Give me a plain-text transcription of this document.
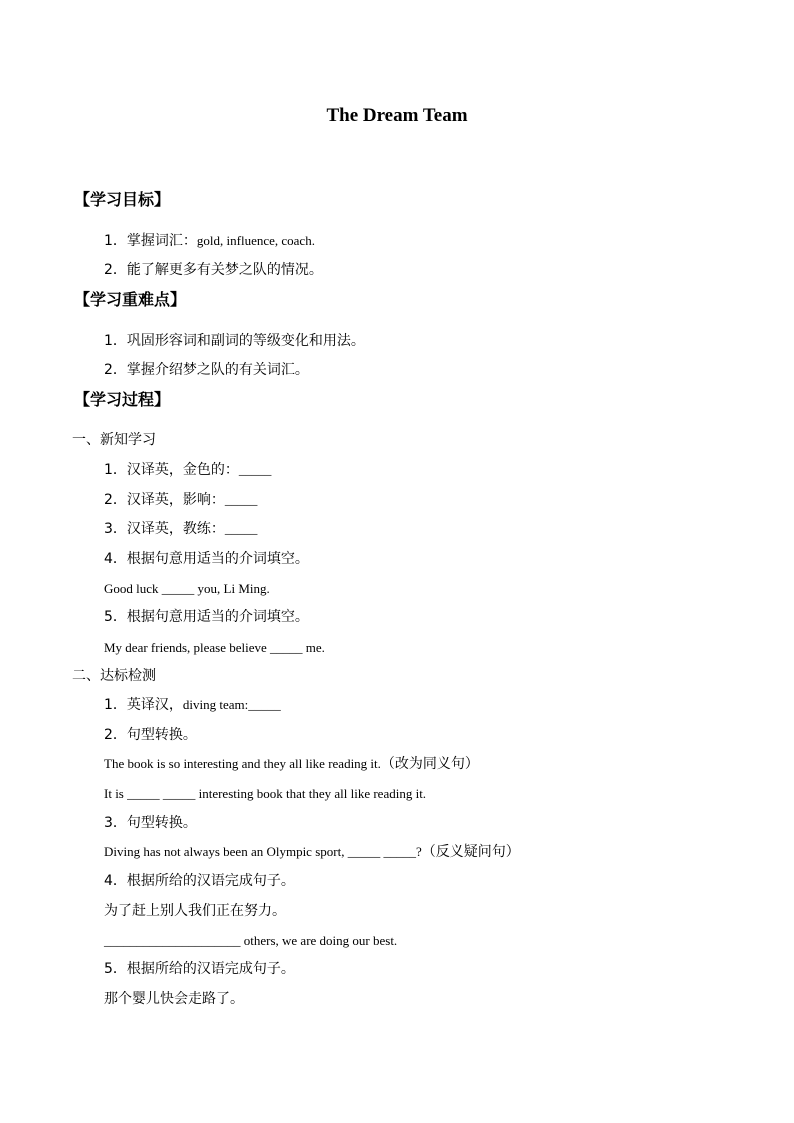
The Dream Team
【学习目标】
1．掌握词汇：gold, influence, coach.
2．能了解更多有关梦之队的情况。
【学习重难点】
1．巩固形容词和副词的等级变化和用法。
2．掌握介绍梦之队的有关词汇。
【学习过程】
一、新知学习
1．汉译英，金色的：_____
2．汉译英，影响：_____
3．汉译英，教练：_____
4．根据句意用适当的介词填空。
Good luck _____ you, Li Ming.
5．根据句意用适当的介词填空。
My dear friends, please believe _____ me.
二、达标检测
1．英译汉，diving team:_____
2．句型转换。
The book is so interesting and they all like reading it.（改为同义句）
It is _____ _____ interesting book that they all like reading it.
3．句型转换。
Diving has not always been an Olympic sport, _____ _____?（反义疑问句）
4．根据所给的汉语完成句子。
为了赶上别人我们正在努力。
_____________________ others, we are doing our best.
5．根据所给的汉语完成句子。
那个婴儿快会走路了。
